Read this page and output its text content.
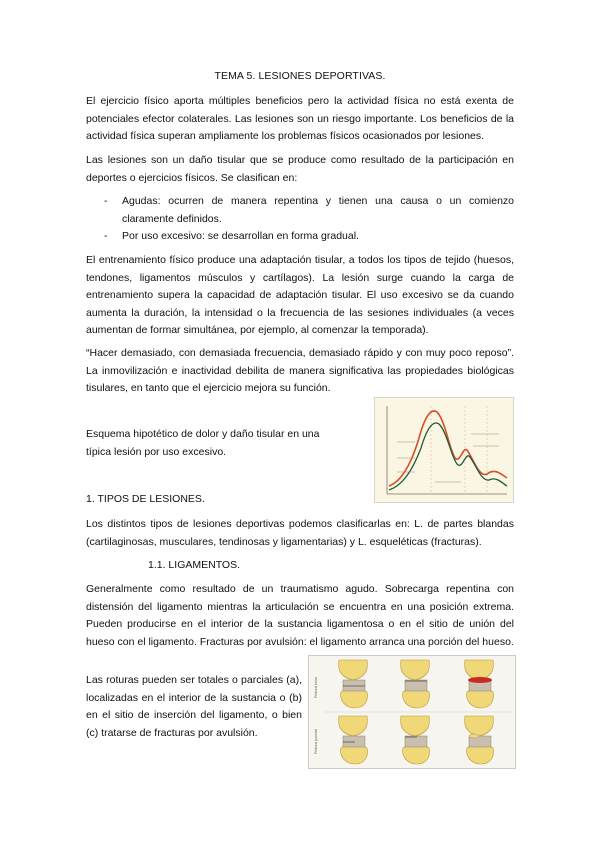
TEMA 5. LESIONES DEPORTIVAS.

El ejercicio físico aporta múltiples beneficios pero la actividad física no está exenta de potenciales efector colaterales. Las lesiones son un riesgo importante. Los beneficios de la actividad física superan ampliamente los problemas físicos ocasionados por lesiones.

Las lesiones son un daño tisular que se produce como resultado de la participación en deportes o ejercicios físicos. Se clasifican en:

- Agudas: ocurren de manera repentina y tienen una causa o un comienzo claramente definidos.
- Por uso excesivo: se desarrollan en forma gradual.

El entrenamiento físico produce una adaptación tisular, a todos los tipos de tejido (huesos, tendones, ligamentos músculos y cartílagos). La lesión surge cuando la carga de entrenamiento supera la capacidad de adaptación tisular. El uso excesivo se da cuando aumenta la duración, la intensidad o la frecuencia de las sesiones individuales (a veces aumentan de formar simultánea, por ejemplo, al comenzar la temporada).

“Hacer demasiado, con demasiada frecuencia, demasiado rápido y con muy poco reposo”. La inmovilización e inactividad debilita de manera significativa las propiedades biológicas tisulares, en tanto que el ejercicio mejora su función.

Esquema hipotético de dolor y daño tisular en una típica lesión por uso excesivo.

1. TIPOS DE LESIONES.

Los distintos tipos de lesiones deportivas podemos clasificarlas en: L. de partes blandas (cartilaginosas, musculares, tendinosas y ligamentarias) y L. esqueléticas (fracturas).

1.1. LIGAMENTOS.

Generalmente como resultado de un traumatismo agudo. Sobrecarga repentina con distensión del ligamento mientras la articulación se encuentra en una posición extrema. Pueden producirse en el interior de la sustancia ligamentosa o en el sitio de unión del hueso con el ligamento. Fracturas por avulsión: el ligamento arranca una porción del hueso.

Las roturas pueden ser totales o parciales (a), localizadas en el interior de la sustancia o (b) en el sitio de inserción del ligamento, o bien (c) tratarse de fracturas por avulsión.

Rotura total
Rotura parcial
